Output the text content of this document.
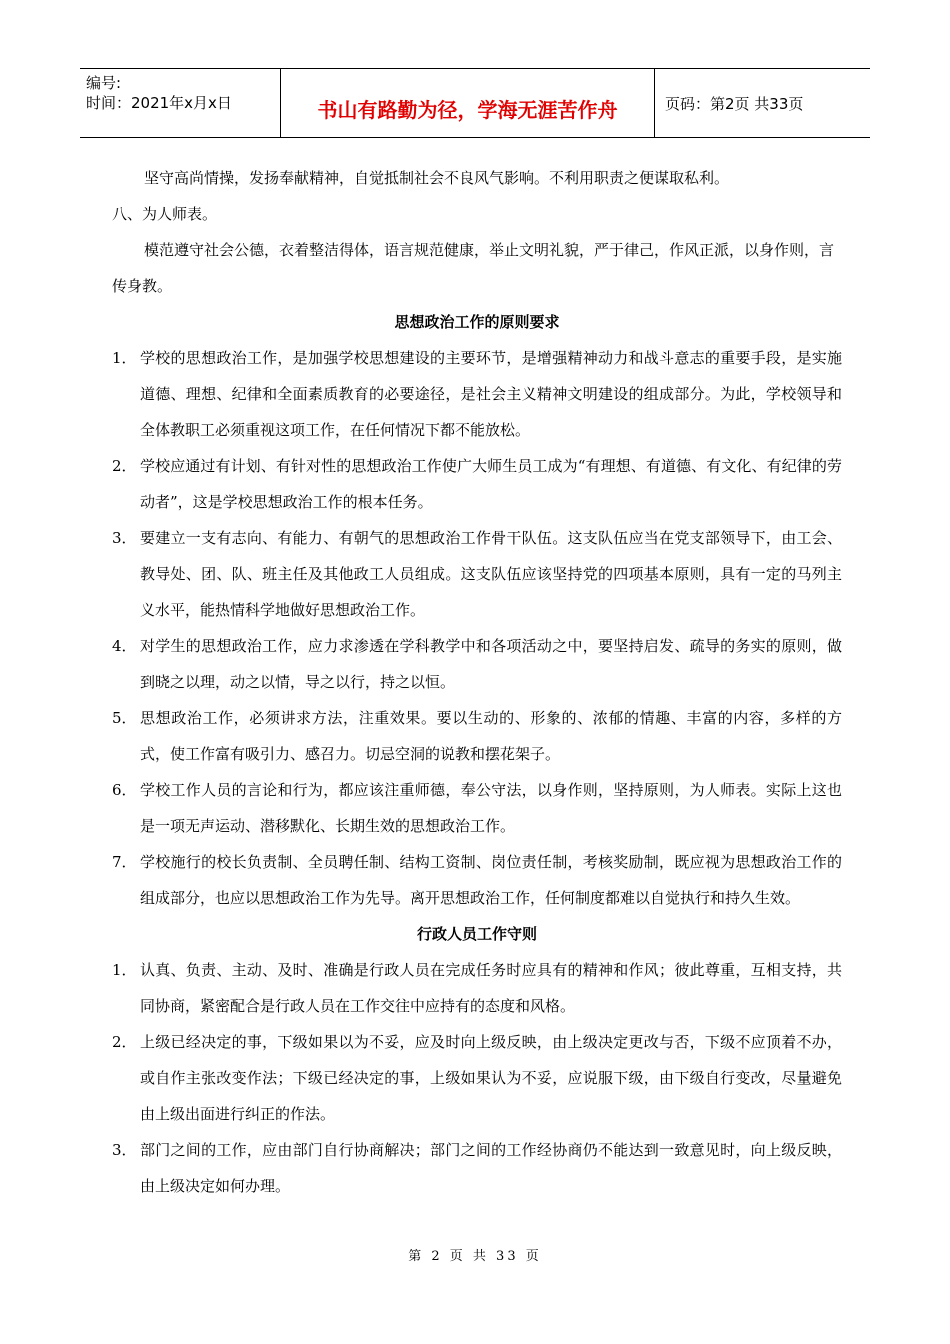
编号:
时间：2021年x月x日	书山有路勤为径，学海无涯苦作舟	页码：第2页 共33页

坚守高尚情操，发扬奉献精神，自觉抵制社会不良风气影响。不利用职责之便谋取私利。

八、为人师表。

模范遵守社会公德，衣着整洁得体，语言规范健康，举止文明礼貌，严于律己，作风正派，以身作则，言传身教。

思想政治工作的原则要求

1． 学校的思想政治工作，是加强学校思想建设的主要环节，是增强精神动力和战斗意志的重要手段，是实施道德、理想、纪律和全面素质教育的必要途径，是社会主义精神文明建设的组成部分。为此，学校领导和全体教职工必须重视这项工作，在任何情况下都不能放松。
2． 学校应通过有计划、有针对性的思想政治工作使广大师生员工成为“有理想、有道德、有文化、有纪律的劳动者”，这是学校思想政治工作的根本任务。
3． 要建立一支有志向、有能力、有朝气的思想政治工作骨干队伍。这支队伍应当在党支部领导下，由工会、教导处、团、队、班主任及其他政工人员组成。这支队伍应该坚持党的四项基本原则，具有一定的马列主义水平，能热情科学地做好思想政治工作。
4． 对学生的思想政治工作，应力求渗透在学科教学中和各项活动之中，要坚持启发、疏导的务实的原则，做到晓之以理，动之以情，导之以行，持之以恒。
5． 思想政治工作，必须讲求方法，注重效果。要以生动的、形象的、浓郁的情趣、丰富的内容，多样的方式，使工作富有吸引力、感召力。切忌空洞的说教和摆花架子。
6． 学校工作人员的言论和行为，都应该注重师德，奉公守法，以身作则，坚持原则，为人师表。实际上这也是一项无声运动、潜移默化、长期生效的思想政治工作。
7． 学校施行的校长负责制、全员聘任制、结构工资制、岗位责任制，考核奖励制，既应视为思想政治工作的组成部分，也应以思想政治工作为先导。离开思想政治工作，任何制度都难以自觉执行和持久生效。

行政人员工作守则

1． 认真、负责、主动、及时、准确是行政人员在完成任务时应具有的精神和作风；彼此尊重，互相支持，共同协商，紧密配合是行政人员在工作交往中应持有的态度和风格。
2． 上级已经决定的事，下级如果以为不妥，应及时向上级反映，由上级决定更改与否，下级不应顶着不办，或自作主张改变作法；下级已经决定的事，上级如果认为不妥，应说服下级，由下级自行变改，尽量避免由上级出面进行纠正的作法。
3． 部门之间的工作，应由部门自行协商解决；部门之间的工作经协商仍不能达到一致意见时，向上级反映，由上级决定如何办理。
第 2 页 共 33 页
